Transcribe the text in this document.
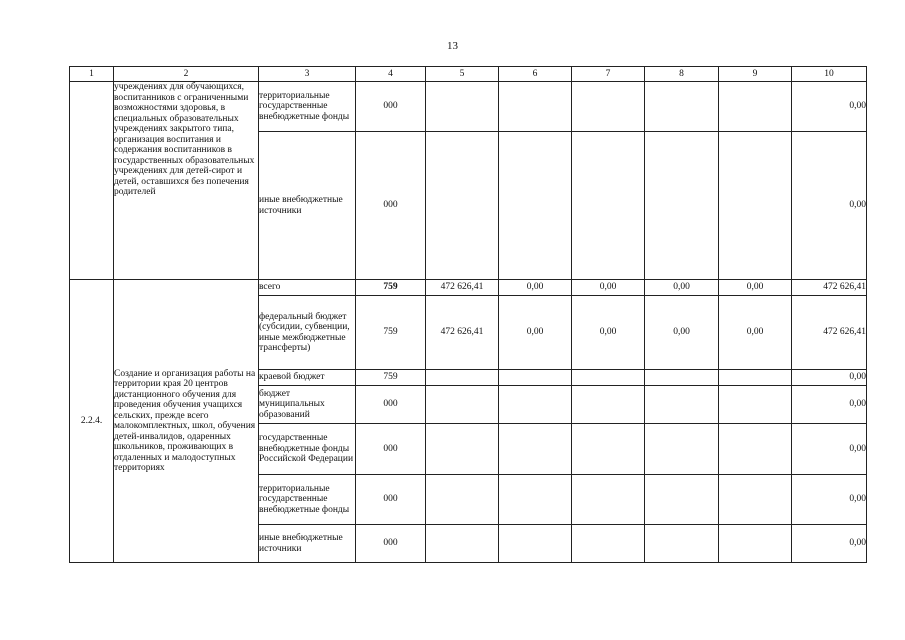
13
1	2	3	4	5	6	7	8	9	10
	учреждениях для обучающихся, воспитанников с ограниченными возможностями здоровья, в специальных образовательных учреждениях закрытого типа, организация воспитания и содержания воспитанников в государственных образовательных учреждениях для детей-сирот и детей, оставшихся без попечения родителей	территориальные государственные внебюджетные фонды	000						0,00
		иные внебюджетные источники	000						0,00
2.2.4.	Создание и организация работы на территории края 20 центров дистанционного обучения для проведения обучения учащихся сельских, прежде всего малокомплектных, школ, обучения детей-инвалидов, одаренных школьников, проживающих в отдаленных и малодоступных территориях	всего	759	472 626,41	0,00	0,00	0,00	0,00	472 626,41
		федеральный бюджет (субсидии, субвенции, иные межбюджетные трансферты)	759	472 626,41	0,00	0,00	0,00	0,00	472 626,41
		краевой бюджет	759						0,00
		бюджет муниципальных образований	000						0,00
		государственные внебюджетные фонды Российской Федерации	000						0,00
		территориальные государственные внебюджетные фонды	000						0,00
		иные внебюджетные источники	000						0,00
